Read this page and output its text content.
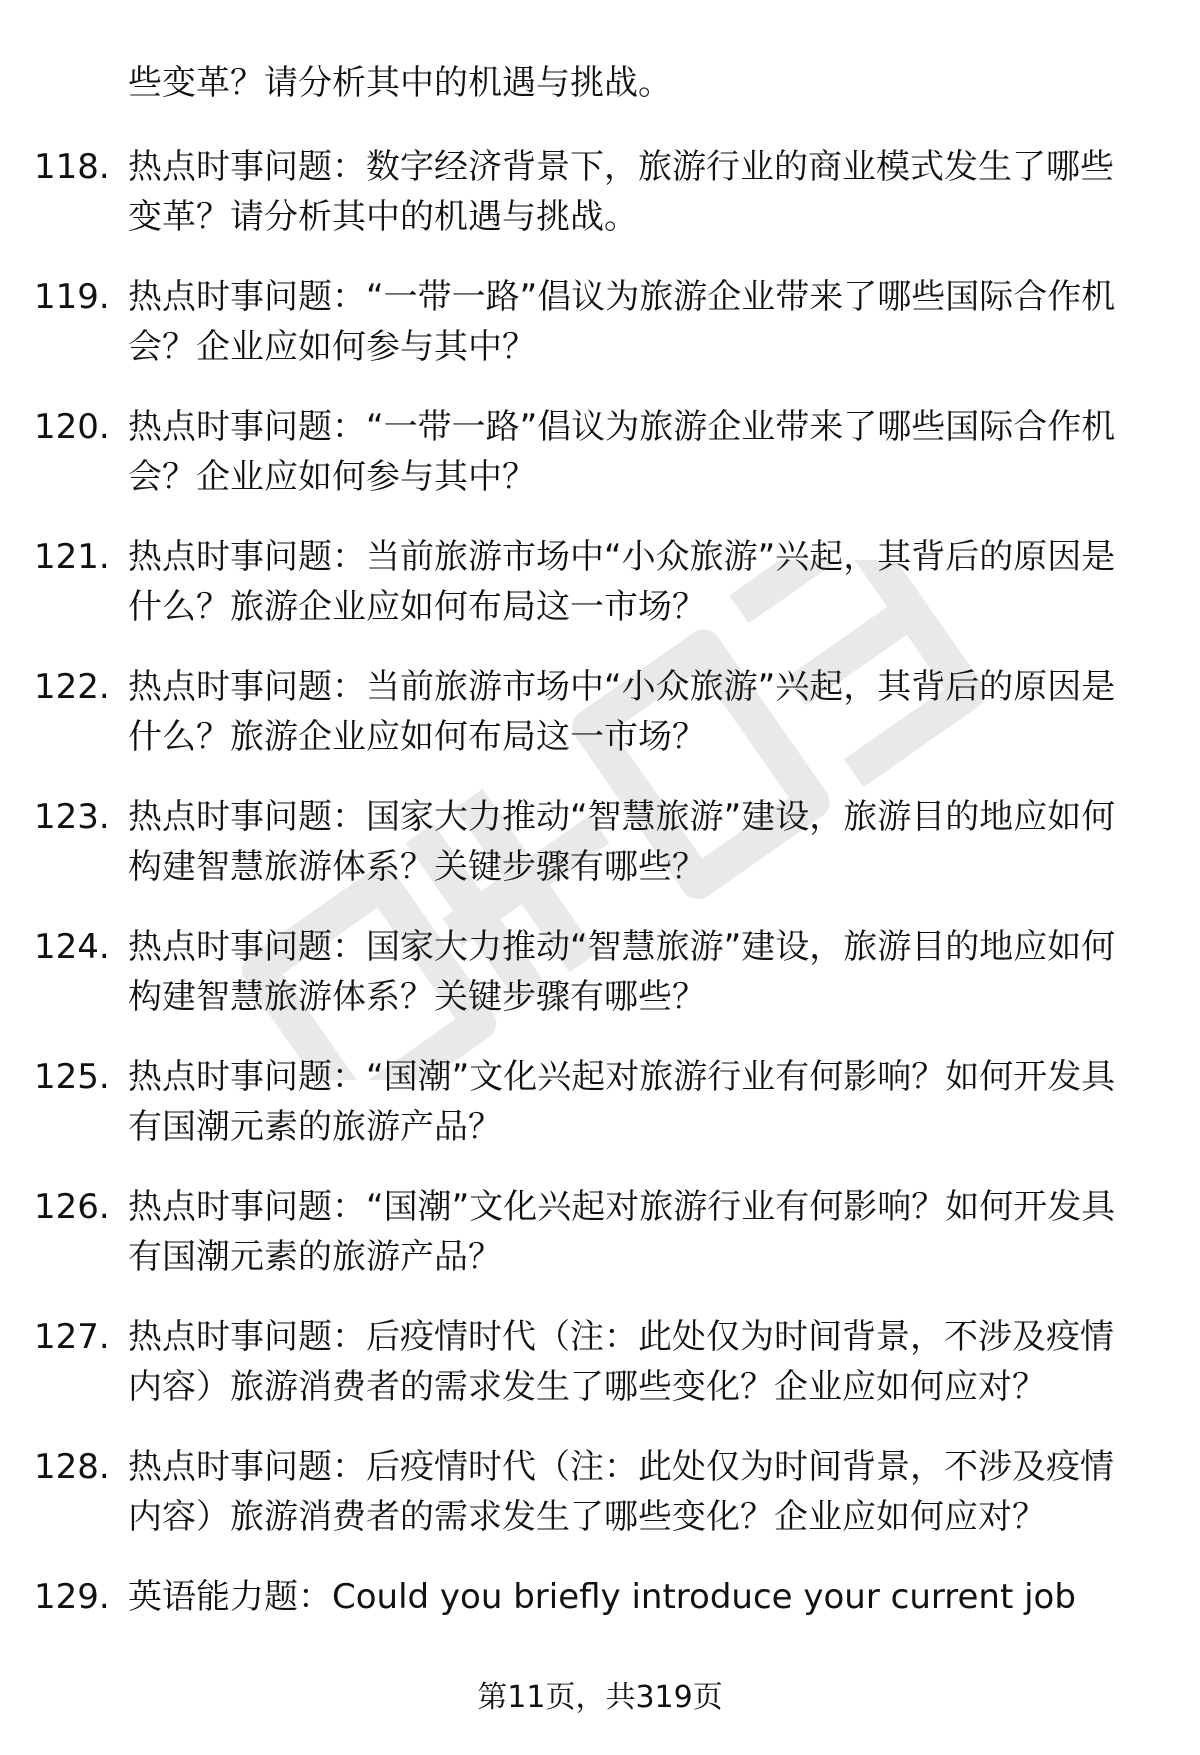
些变革？请分析其中的机遇与挑战。
118. 热点时事问题：数字经济背景下，旅游行业的商业模式发生了哪些变革？请分析其中的机遇与挑战。
119. 热点时事问题：“一带一路”倡议为旅游企业带来了哪些国际合作机会？企业应如何参与其中？
120. 热点时事问题：“一带一路”倡议为旅游企业带来了哪些国际合作机会？企业应如何参与其中？
121. 热点时事问题：当前旅游市场中“小众旅游”兴起，其背后的原因是什么？旅游企业应如何布局这一市场？
122. 热点时事问题：当前旅游市场中“小众旅游”兴起，其背后的原因是什么？旅游企业应如何布局这一市场？
123. 热点时事问题：国家大力推动“智慧旅游”建设，旅游目的地应如何构建智慧旅游体系？关键步骤有哪些？
124. 热点时事问题：国家大力推动“智慧旅游”建设，旅游目的地应如何构建智慧旅游体系？关键步骤有哪些？
125. 热点时事问题：“国潮”文化兴起对旅游行业有何影响？如何开发具有国潮元素的旅游产品？
126. 热点时事问题：“国潮”文化兴起对旅游行业有何影响？如何开发具有国潮元素的旅游产品？
127. 热点时事问题：后疫情时代（注：此处仅为时间背景，不涉及疫情内容）旅游消费者的需求发生了哪些变化？企业应如何应对？
128. 热点时事问题：后疫情时代（注：此处仅为时间背景，不涉及疫情内容）旅游消费者的需求发生了哪些变化？企业应如何应对？
129. 英语能力题：Could you briefly introduce your current job
第11页，共319页
